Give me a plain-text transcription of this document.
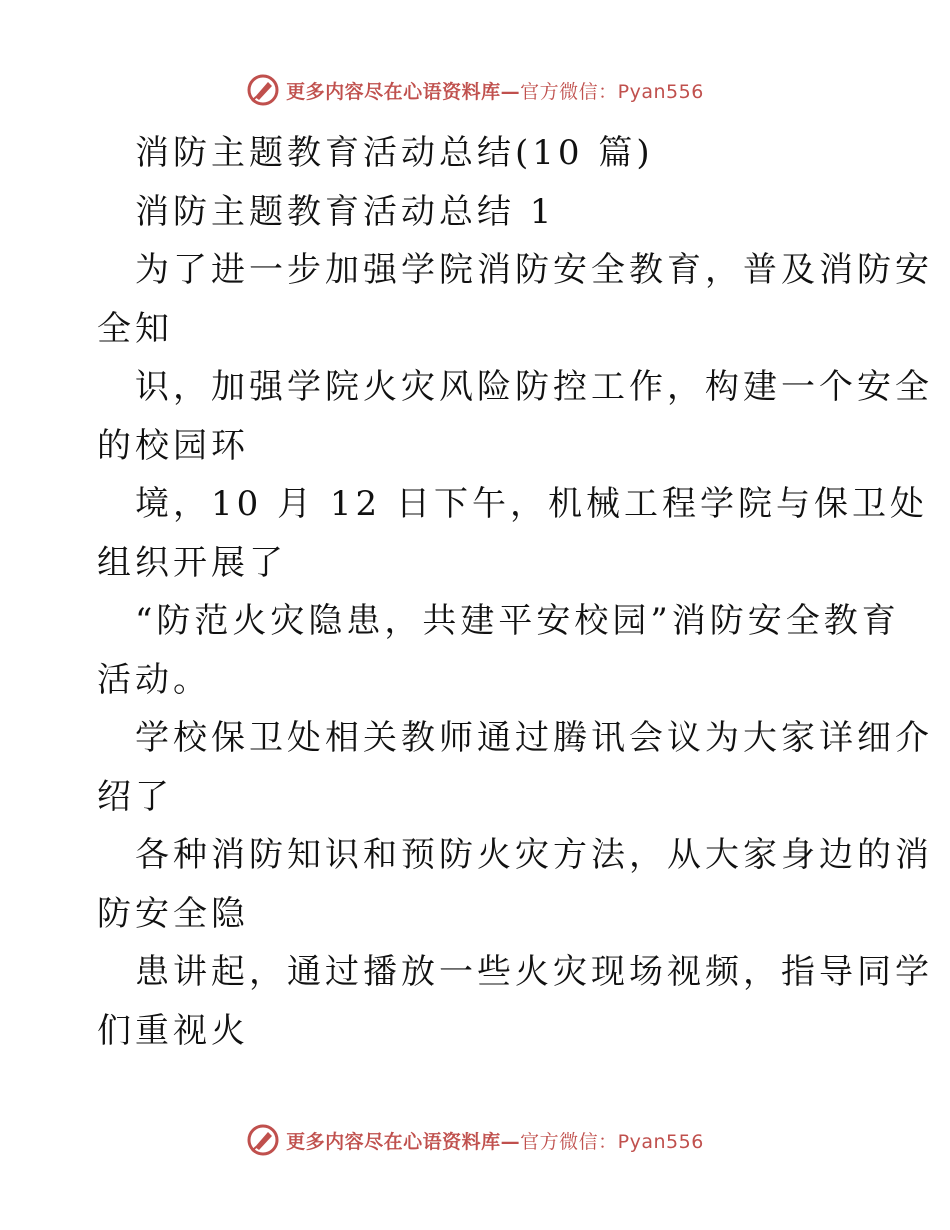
更多内容尽在心语资料库—官方微信：Pyan556
消防主题教育活动总结(10 篇)
消防主题教育活动总结 1
为了进一步加强学院消防安全教育，普及消防安
全知
识，加强学院火灾风险防控工作，构建一个安全
的校园环
境，10 月 12 日下午，机械工程学院与保卫处
组织开展了
“防范火灾隐患，共建平安校园”消防安全教育
活动。
学校保卫处相关教师通过腾讯会议为大家详细介
绍了
各种消防知识和预防火灾方法，从大家身边的消
防安全隐
患讲起，通过播放一些火灾现场视频，指导同学
们重视火
更多内容尽在心语资料库—官方微信：Pyan556
